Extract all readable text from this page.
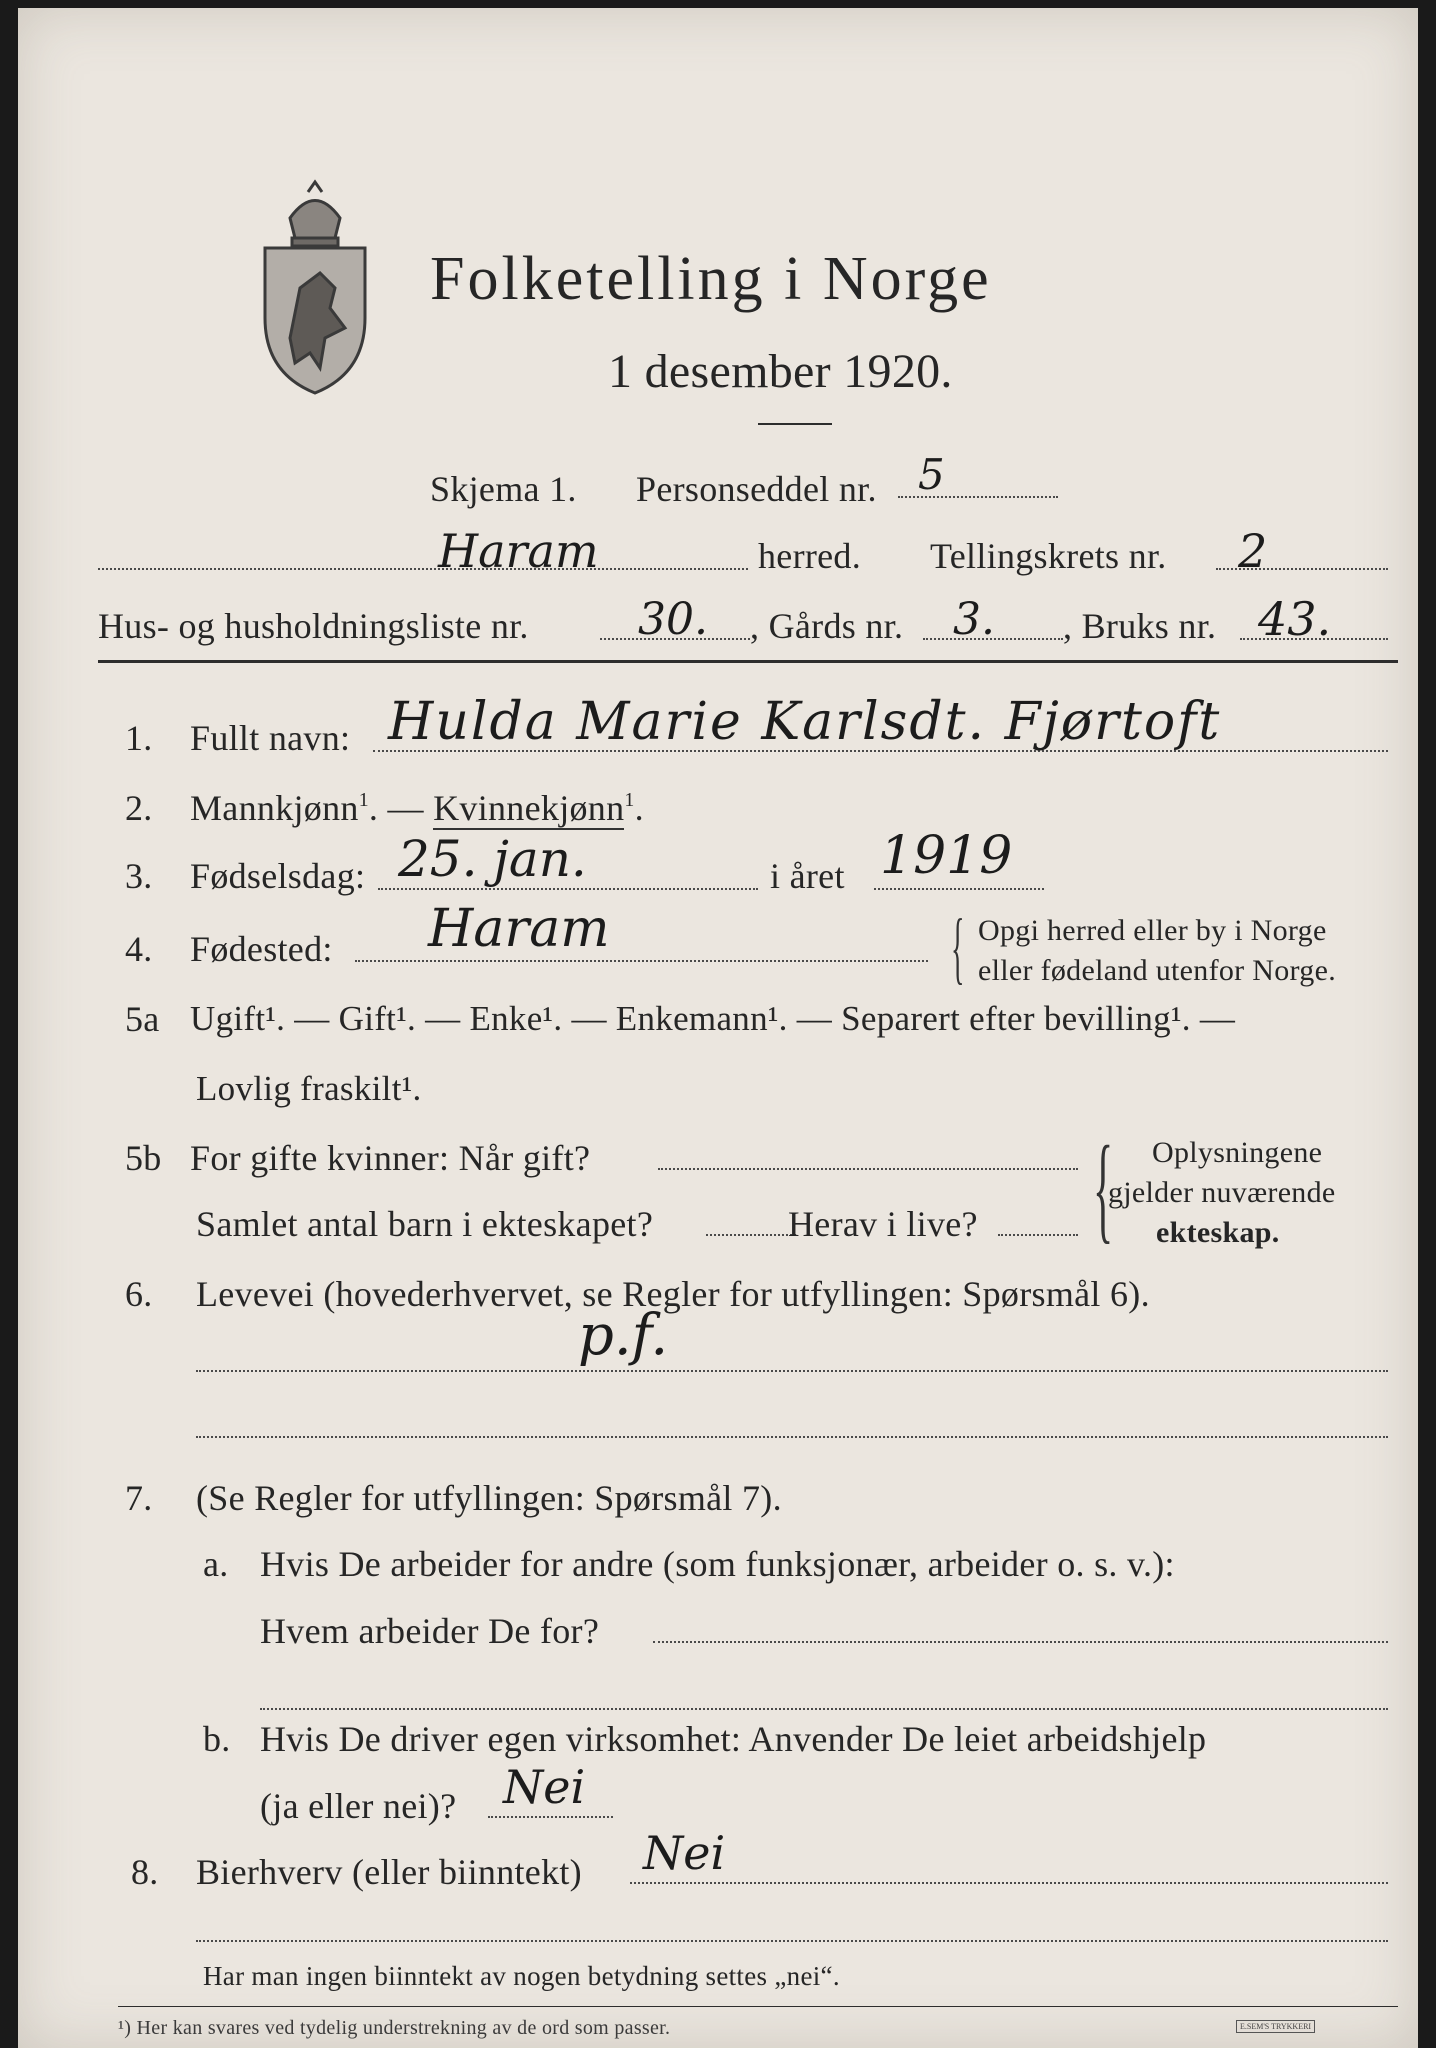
Folketelling i Norge
1 desember 1920.
Skjema 1. Personseddel nr. 5
Haram	herred. Tellingskrets nr. 2
Hus- og husholdningsliste nr. 30. , Gårds nr. 3. , Bruks nr. 43.
1. Fullt navn: Hulda Marie Karlsdt. Fjørtoft
2. Mannkjønn$^1$. — Kvinnekjønn$^1$.
3. Fødselsdag: 25. jan.	i året 1919
4. Fødested: Haram	{ Opgi herred eller by i Norge
eller fødeland utenfor Norge.
5a Ugift¹. — Gift¹. — Enke¹. — Enkemann¹. — Separert efter bevilling¹. —
Lovlig fraskilt¹.
5b For gifte kvinner: Når gift?
Samlet antal barn i ekteskapet?	Herav i live? { Oplysningene
gjelder nuværende
ekteskap.
6. Levevei (hovederhvervet, se Regler for utfyllingen: Spørsmål 6).
p.f.
7. (Se Regler for utfyllingen: Spørsmål 7).
a. Hvis De arbeider for andre (som funksjonær, arbeider o. s. v.):
Hvem arbeider De for?
b. Hvis De driver egen virksomhet: Anvender De leiet arbeidshjelp
(ja eller nei)? Nei
8. Bierhverv (eller biinntekt) Nei
Har man ingen biinntekt av nogen betydning settes „nei“.
¹) Her kan svares ved tydelig understrekning av de ord som passer.	E.SEM'S TRYKKERI
